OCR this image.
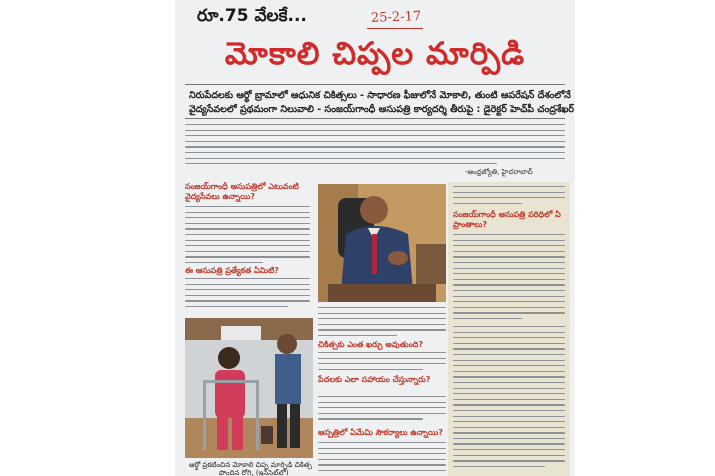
రూ.75 వేలకే...	25-2-17
మోకాలి చిప్పల మార్పిడి
నిరుపేదలకు ఆర్థో బ్రామాలో ఆధునిక చికిత్సలు - సాధారణ ఫీజులోనే మోకాలి, తుంటి ఆపరేషన్‌ దేశంలోనే
వైద్యసేవలలో ప్రథమంగా నిలువాలి - సంజయ్‌గాంధీ ఆసుపత్రి కార్యదర్శి తీరుపై : డైరెక్టర్‌ హెచ్‌పీ చంద్రశేఖర్‌
-ఆంధ్రజ్యోతి, హైదరాబాద్‌
సంజయ్‌గాంధీ ఆసుపత్రిలో ఎటువంటి వైద్యసేవలు ఉన్నాయి?
ఈ ఆసుపత్రి ప్రత్యేకత ఏమిటి?
ఆర్థో ప్రకటించిన మోకాలి చిప్ప మార్పిడి చికిత్స
పొందిన రోగి, (ఇన్‌సెట్‌లో)
చికిత్సకు ఎంత ఖర్చు అవుతుంది?
పేదలకు ఎలా సహాయం చేస్తున్నారు?
ఆస్పత్రిలో ఏమేమి సౌకర్యాలు ఉన్నాయి?
సంజయ్‌గాంధీ ఆసుపత్రి పరిధిలో ఏ ప్రాంతాలు?
